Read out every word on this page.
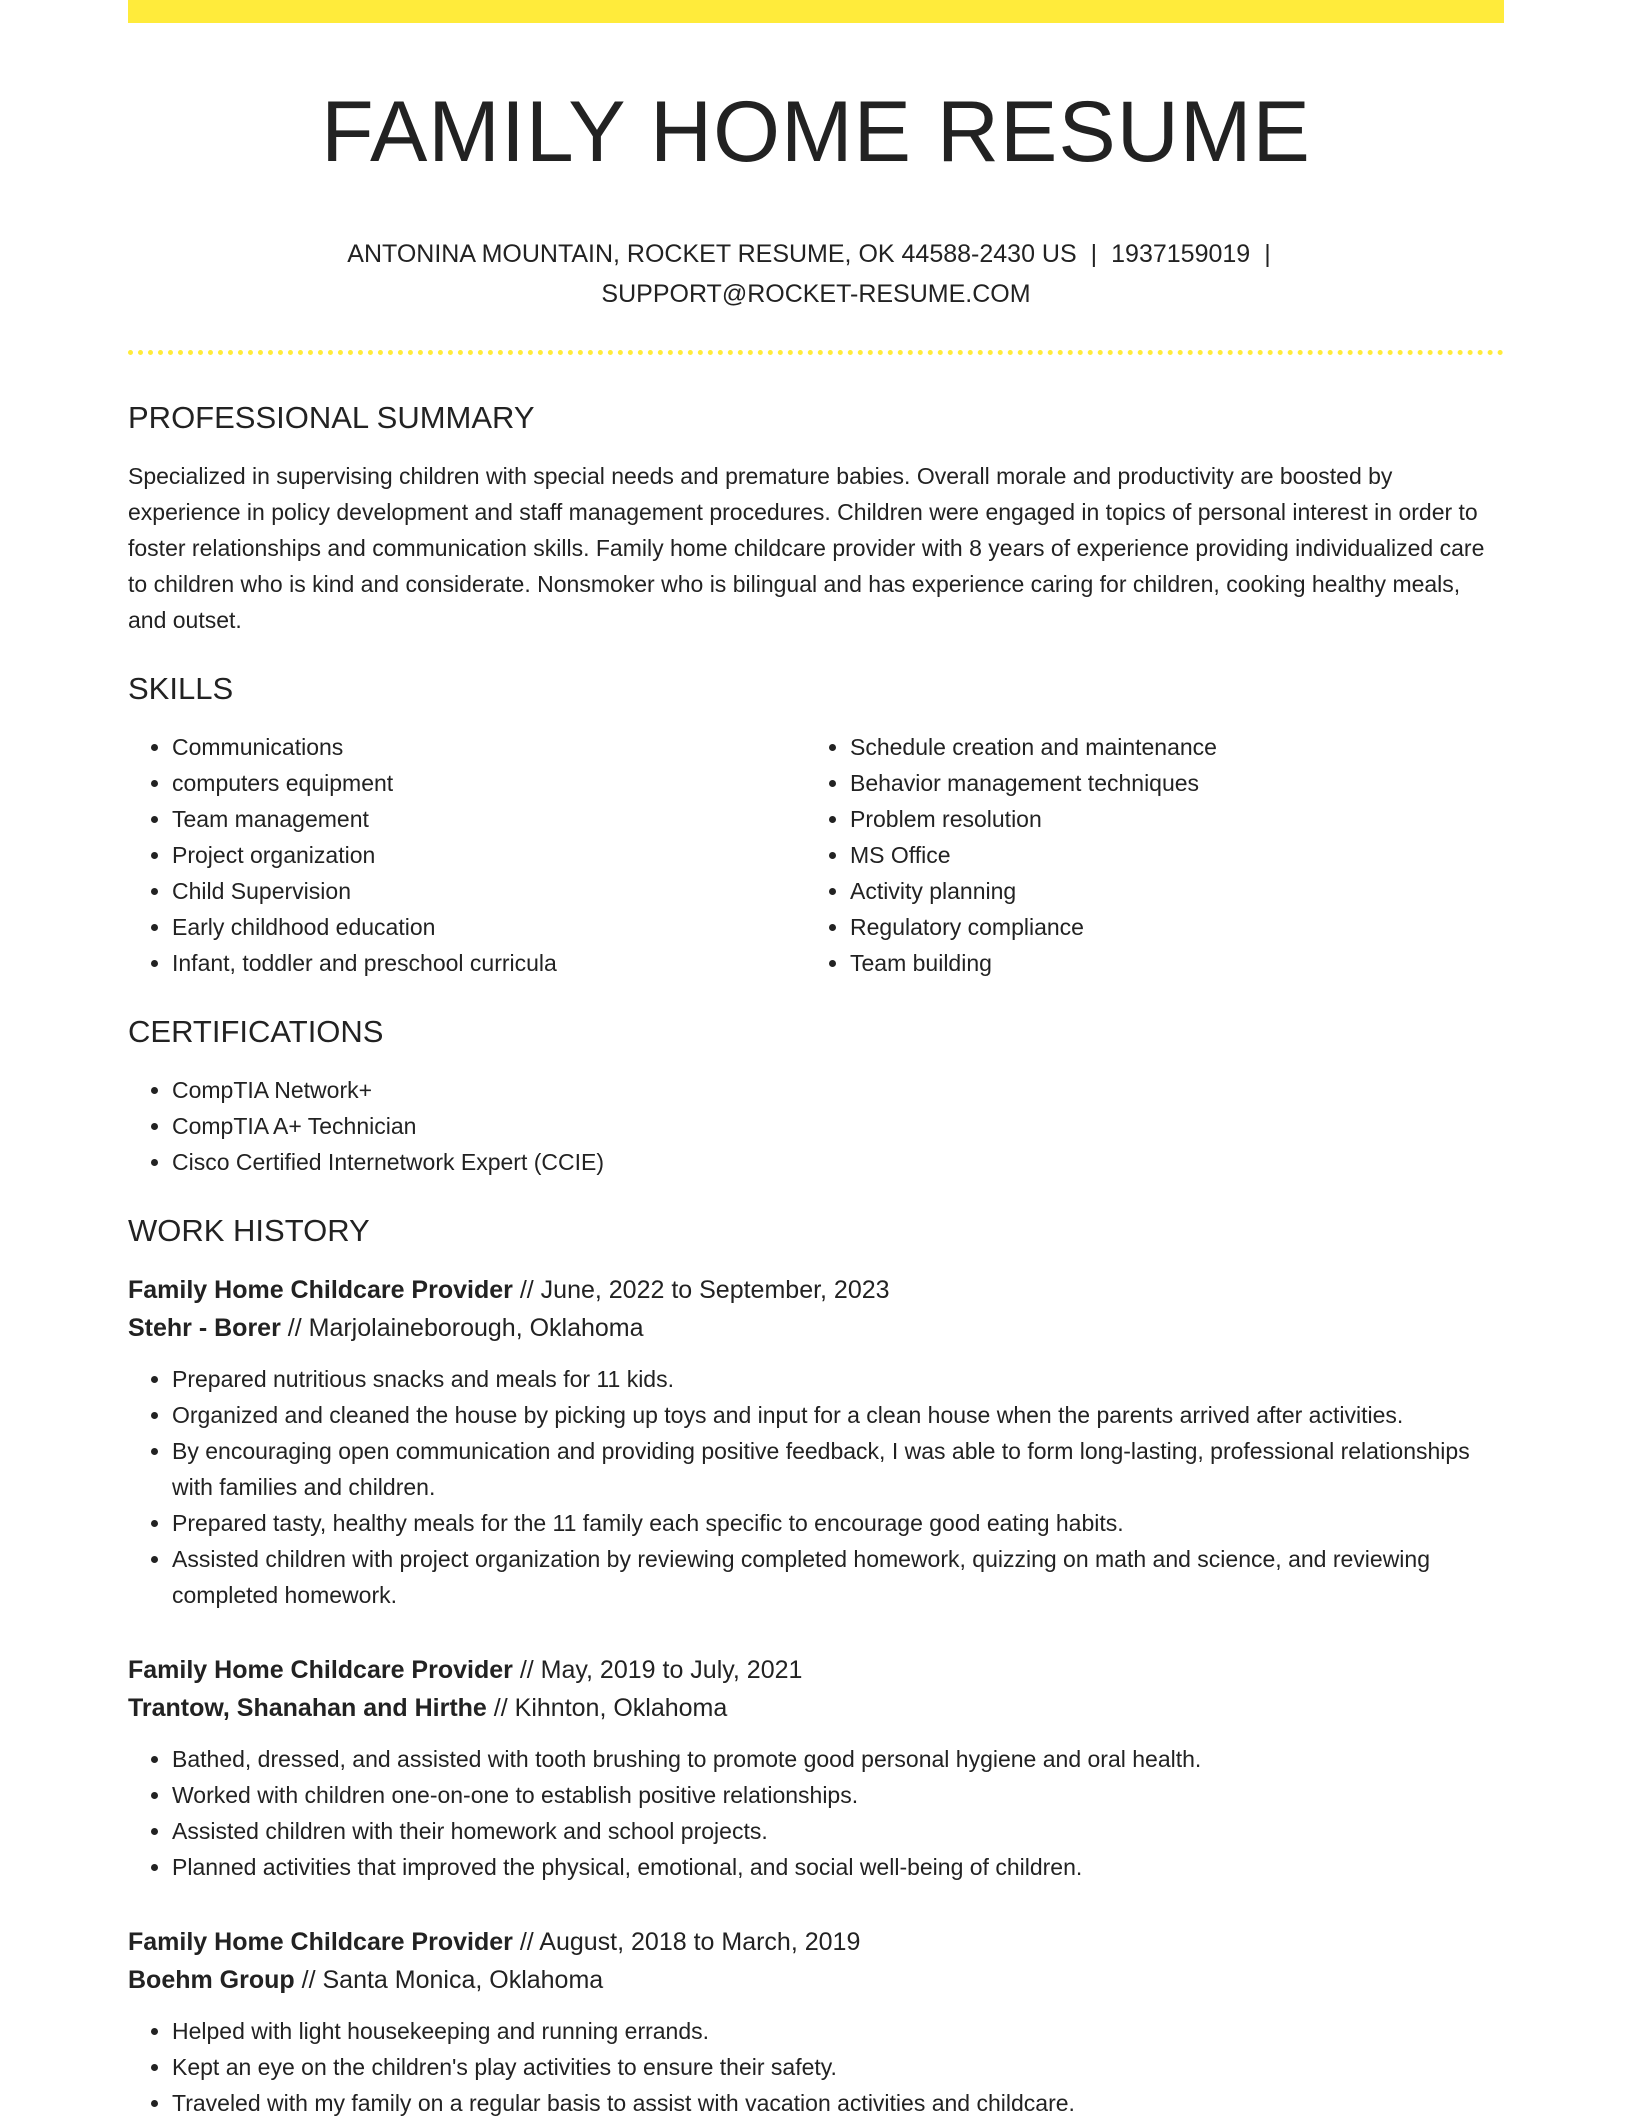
FAMILY HOME RESUME
ANTONINA MOUNTAIN, ROCKET RESUME, OK 44588-2430 US | 1937159019 |
SUPPORT@ROCKET-RESUME.COM
PROFESSIONAL SUMMARY

Specialized in supervising children with special needs and premature babies. Overall morale and productivity are boosted by experience in policy development and staff management procedures. Children were engaged in topics of personal interest in order to foster relationships and communication skills. Family home childcare provider with 8 years of experience providing individualized care to children who is kind and considerate. Nonsmoker who is bilingual and has experience caring for children, cooking healthy meals, and outset.

SKILLS
• Communications
• computers equipment
• Team management
• Project organization
• Child Supervision
• Early childhood education
• Infant, toddler and preschool curricula
• Schedule creation and maintenance
• Behavior management techniques
• Problem resolution
• MS Office
• Activity planning
• Regulatory compliance
• Team building
CERTIFICATIONS
• CompTIA Network+
• CompTIA A+ Technician
• Cisco Certified Internetwork Expert (CCIE)
WORK HISTORY
Family Home Childcare Provider // June, 2022 to September, 2023
Stehr - Borer // Marjolaineborough, Oklahoma
• Prepared nutritious snacks and meals for 11 kids.
• Organized and cleaned the house by picking up toys and input for a clean house when the parents arrived after activities.
• By encouraging open communication and providing positive feedback, I was able to form long-lasting, professional relationships with families and children.
• Prepared tasty, healthy meals for the 11 family each specific to encourage good eating habits.
• Assisted children with project organization by reviewing completed homework, quizzing on math and science, and reviewing completed homework.
Family Home Childcare Provider // May, 2019 to July, 2021
Trantow, Shanahan and Hirthe // Kihnton, Oklahoma
• Bathed, dressed, and assisted with tooth brushing to promote good personal hygiene and oral health.
• Worked with children one-on-one to establish positive relationships.
• Assisted children with their homework and school projects.
• Planned activities that improved the physical, emotional, and social well-being of children.
Family Home Childcare Provider // August, 2018 to March, 2019
Boehm Group // Santa Monica, Oklahoma
• Helped with light housekeeping and running errands.
• Kept an eye on the children's play activities to ensure their safety.
• Traveled with my family on a regular basis to assist with vacation activities and childcare.
